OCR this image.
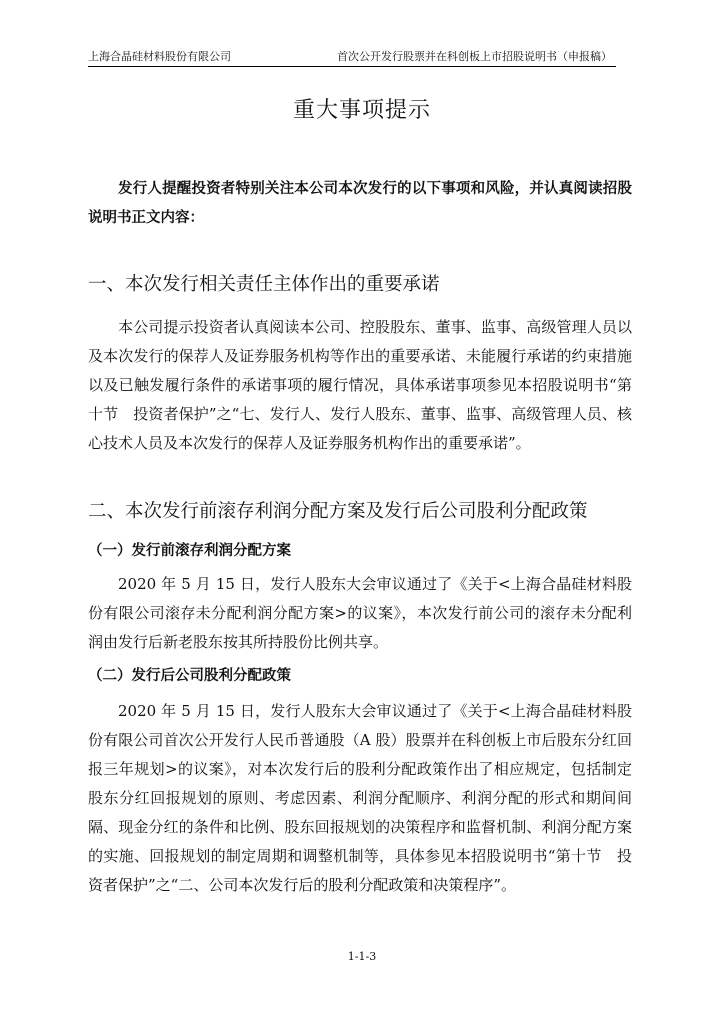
上海合晶硅材料股份有限公司	首次公开发行股票并在科创板上市招股说明书（申报稿）
重大事项提示

发行人提醒投资者特别关注本公司本次发行的以下事项和风险，并认真阅读招股说明书正文内容：

一、本次发行相关责任主体作出的重要承诺

本公司提示投资者认真阅读本公司、控股股东、董事、监事、高级管理人员以及本次发行的保荐人及证券服务机构等作出的重要承诺、未能履行承诺的约束措施以及已触发履行条件的承诺事项的履行情况，具体承诺事项参见本招股说明书“第十节　投资者保护”之“七、发行人、发行人股东、董事、监事、高级管理人员、核心技术人员及本次发行的保荐人及证券服务机构作出的重要承诺”。

二、本次发行前滚存利润分配方案及发行后公司股利分配政策

（一）发行前滚存利润分配方案

2020 年 5 月 15 日，发行人股东大会审议通过了《关于<上海合晶硅材料股份有限公司滚存未分配利润分配方案>的议案》，本次发行前公司的滚存未分配利润由发行后新老股东按其所持股份比例共享。

（二）发行后公司股利分配政策

2020 年 5 月 15 日，发行人股东大会审议通过了《关于<上海合晶硅材料股份有限公司首次公开发行人民币普通股（A 股）股票并在科创板上市后股东分红回报三年规划>的议案》，对本次发行后的股利分配政策作出了相应规定，包括制定股东分红回报规划的原则、考虑因素、利润分配顺序、利润分配的形式和期间间隔、现金分红的条件和比例、股东回报规划的决策程序和监督机制、利润分配方案的实施、回报规划的制定周期和调整机制等，具体参见本招股说明书“第十节　投资者保护”之“二、公司本次发行后的股利分配政策和决策程序”。

1-1-3
